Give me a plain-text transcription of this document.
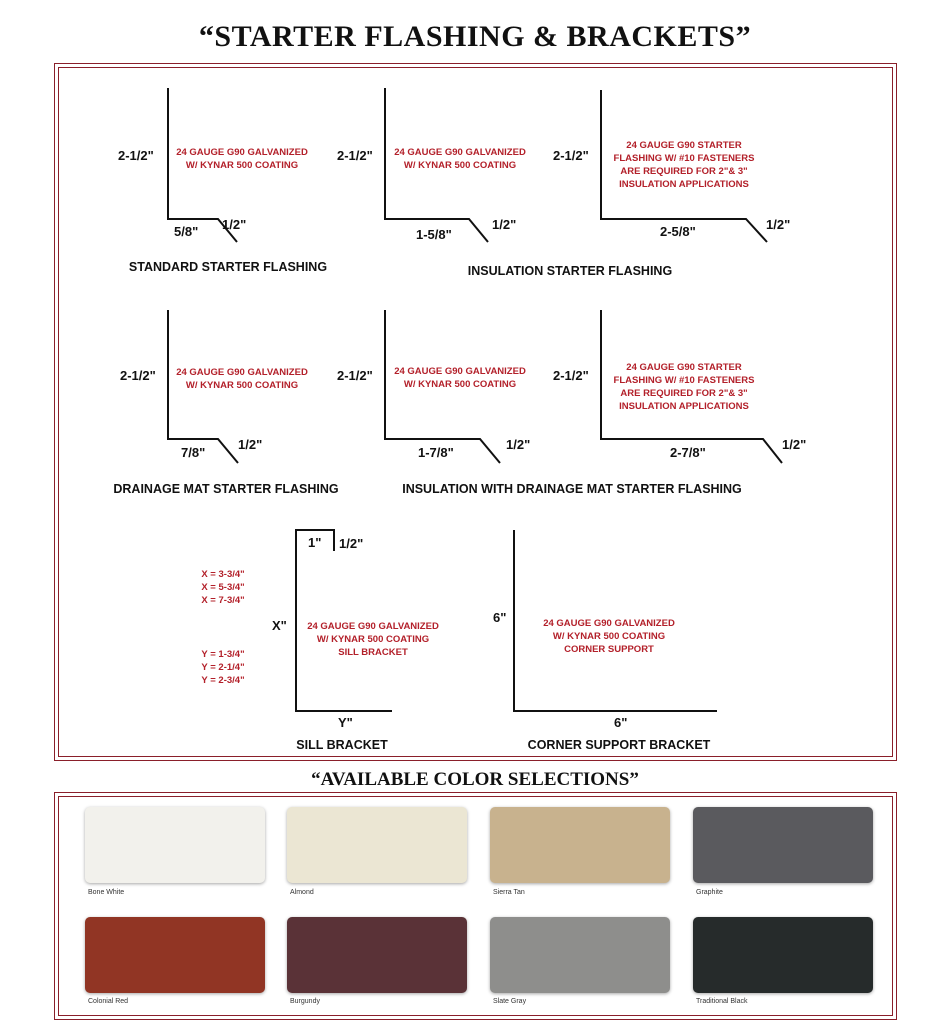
“STARTER FLASHING & BRACKETS”
2-1/2" 24 GAUGE G90 GALVANIZED
W/ KYNAR 500 COATING
5/8" 1/2"
STANDARD STARTER FLASHING
2-1/2" 24 GAUGE G90 GALVANIZED
W/ KYNAR 500 COATING
1-5/8"
1/2"
2-1/2"
24 GAUGE G90 STARTER
FLASHING W/ #10 FASTENERS
ARE REQUIRED FOR 2"& 3"
INSULATION APPLICATIONS
2-5/8"	1/2"
INSULATION STARTER FLASHING
2-1/2" 24 GAUGE G90 GALVANIZED
W/ KYNAR 500 COATING
7/8"
1/2"
DRAINAGE MAT STARTER FLASHING
2-1/2" 24 GAUGE G90 GALVANIZED
W/ KYNAR 500 COATING
1-7/8"
1/2"
2-1/2"
24 GAUGE G90 STARTER
FLASHING W/ #10 FASTENERS
ARE REQUIRED FOR 2"& 3"
INSULATION APPLICATIONS
2-7/8"
1/2"
INSULATION WITH DRAINAGE MAT STARTER FLASHING
1" 1/2"
X = 3-3/4"
X = 5-3/4"
X = 7-3/4"
Y = 1-3/4"
Y = 2-1/4"
Y = 2-3/4"
X" 24 GAUGE G90 GALVANIZED
W/ KYNAR 500 COATING
SILL BRACKET
Y"
SILL BRACKET
6"	24 GAUGE G90 GALVANIZED
W/ KYNAR 500 COATING
CORNER SUPPORT
6"
CORNER SUPPORT BRACKET
“AVAILABLE COLOR SELECTIONS”
Bone White	Almond	Sierra Tan	Graphite
Colonial Red	Burgundy	Slate Gray	Traditional Black
